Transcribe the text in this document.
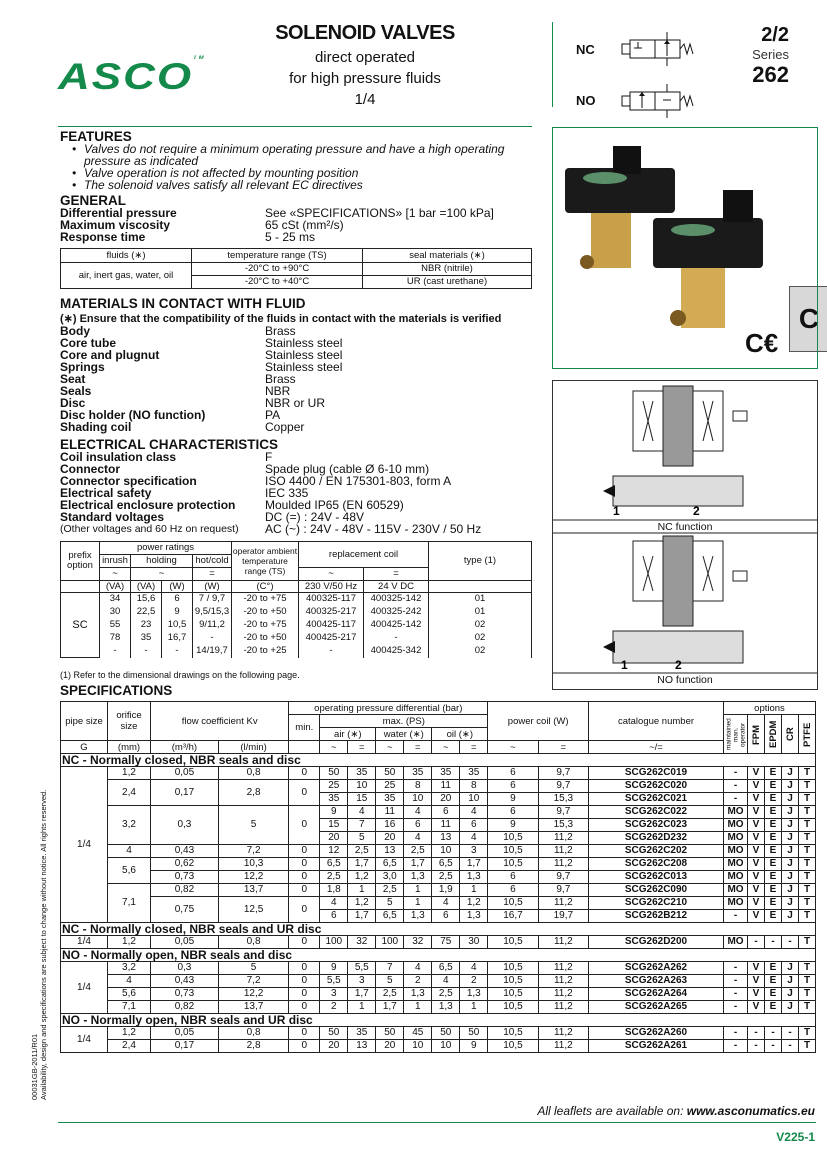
ASCO™
SOLENOID VALVES
direct operated
for high pressure fluids
1/4
NC
NO
2/2
Series
262
C
C€
1	2
1	2
NC function
NO function
FEATURES
• Valves do not require a minimum operating pressure and have a high operating pressure as indicated
• Valve operation is not affected by mounting position
• The solenoid valves satisfy all relevant EC directives
GENERAL
Differential pressure	See «SPECIFICATIONS» [1 bar =100 kPa]
Maximum viscosity	65 cSt (mm²/s)
Response time	5 - 25 ms
fluids (∗)	temperature range (TS)	seal materials (∗)
air, inert gas, water, oil	-20°C to +90°C	NBR (nitrile)
	-20°C to +40°C	UR (cast urethane)
MATERIALS IN CONTACT WITH FLUID
(∗) Ensure that the compatibility of the fluids in contact with the materials is verified
Body	Brass
Core tube	Stainless steel
Core and plugnut	Stainless steel
Springs	Stainless steel
Seat	Brass
Seals	NBR
Disc	NBR or UR
Disc holder (NO function)	PA
Shading coil	Copper
ELECTRICAL CHARACTERISTICS
Coil insulation class	F
Connector	Spade plug (cable Ø 6-10 mm)
Connector specification	ISO 4400 / EN 175301-803, form A
Electrical safety	IEC 335
Electrical enclosure protection Moulded IP65 (EN 60529)
Standard voltages	DC (=) : 24V - 48V
(Other voltages and 60 Hz on request) AC (~) : 24V - 48V - 115V - 230V / 50 Hz
prefix option	power ratings				operator ambient temperature range (TS)	replacement coil		type (1)
	inrush	holding		hot/cold				
	~	~		=		~	=	
	(VA)	(VA)	(W)	(W)	(C°)	230 V/50 Hz	24 V DC	
SC	34	15,6	6	7 / 9,7	-20 to +75	400325-117	400325-142	01
	30	22,5	9	9,5/15,3	-20 to +50	400325-217	400325-242	01
	55	23	10,5	9/11,2	-20 to +75	400425-117	400425-142	02
	78	35	16,7	-	-20 to +50	400425-217	-	02
	-	-	-	14/19,7	-20 to +25	-	400425-342	02
(1) Refer to the dimensional drawings on the following page.
SPECIFICATIONS
pipe size	orifice size	flow coefficient Kv		operating pressure differential (bar)							power coil (W)		catalogue number	options				
														maintained man. operator	FPM	EPDM	CR	PTFE
				min.	max. (PS)													
					air (∗)		water (∗)		oil (∗)									
G	(mm)	(m³/h)	(l/min)		~	=	~	=	~	=	~	=	~/=					
NC - Normally closed, NBR seals and disc																		
1/4	1,2	0,05	0,8	0	50	35	50	35	35	35	6	9,7	SCG262C019	-	V	E	J	T
	2,4	0,17	2,8	0	25	10	25	8	11	8	6	9,7	SCG262C020	-	V	E	J	T
					35	15	35	10	20	10	9	15,3	SCG262C021	-	V	E	J	T
	3,2	0,3	5	0	9	4	11	4	6	4	6	9,7	SCG262C022	MO	V	E	J	T
					15	7	16	6	11	6	9	15,3	SCG262C023	MO	V	E	J	T
					20	5	20	4	13	4	10,5	11,2	SCG262D232	MO	V	E	J	T
	4	0,43	7,2	0	12	2,5	13	2,5	10	3	10,5	11,2	SCG262C202	MO	V	E	J	T
	5,6	0,62	10,3	0	6,5	1,7	6,5	1,7	6,5	1,7	10,5	11,2	SCG262C208	MO	V	E	J	T
		0,73	12,2	0	2,5	1,2	3,0	1,3	2,5	1,3	6	9,7	SCG262C013	MO	V	E	J	T
	7,1	0,82	13,7	0	1,8	1	2,5	1	1,9	1	6	9,7	SCG262C090	MO	V	E	J	T
		0,75	12,5	0	4	1,2	5	1	4	1,2	10,5	11,2	SCG262C210	MO	V	E	J	T
					6	1,7	6,5	1,3	6	1,3	16,7	19,7	SCG262B212	-	V	E	J	T
NC - Normally closed, NBR seals and UR disc																		
1/4	1,2	0,05	0,8	0	100	32	100	32	75	30	10,5	11,2	SCG262D200	MO	-	-	-	T
NO - Normally open, NBR seals and disc																		
1/4	3,2	0,3	5	0	9	5,5	7	4	6,5	4	10,5	11,2	SCG262A262	-	V	E	J	T
	4	0,43	7,2	0	5,5	3	5	2	4	2	10,5	11,2	SCG262A263	-	V	E	J	T
	5,6	0,73	12,2	0	3	1,7	2,5	1,3	2,5	1,3	10,5	11,2	SCG262A264	-	V	E	J	T
	7,1	0,82	13,7	0	2	1	1,7	1	1,3	1	10,5	11,2	SCG262A265	-	V	E	J	T
NO - Normally open, NBR seals and UR disc																		
1/4	1,2	0,05	0,8	0	50	35	50	45	50	50	10,5	11,2	SCG262A260	-	-	-	-	T
	2,4	0,17	2,8	0	20	13	20	10	10	9	10,5	11,2	SCG262A261	-	-	-	-	T
All leaflets are available on: www.asconumatics.eu
V225-1
00031GB-2011/R01 Availability, design and specifications are subject to change without notice. All rights reserved.
